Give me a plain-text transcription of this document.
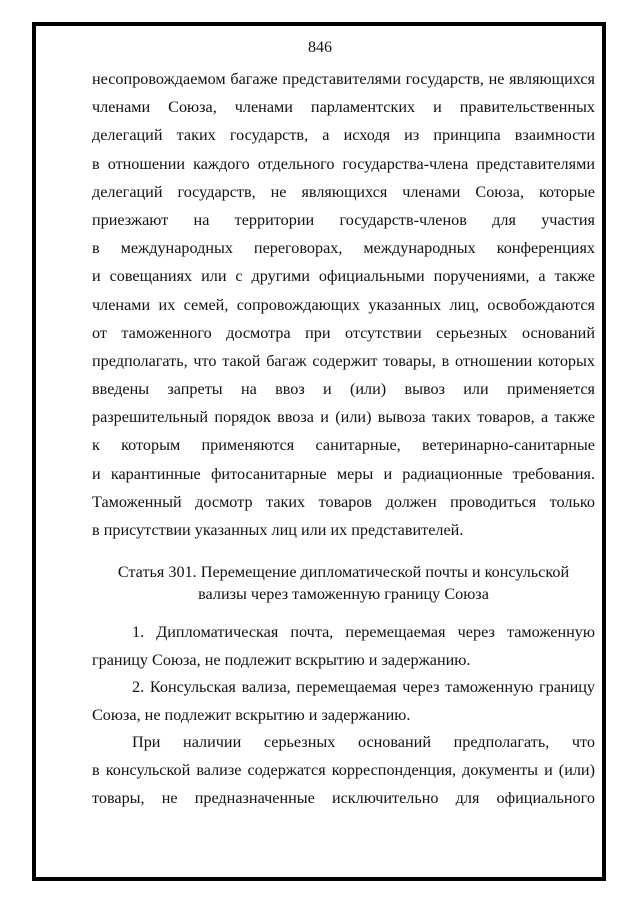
846
несопровождаемом багаже представителями государств, не являющихся
членами Союза, членами парламентских и правительственных
делегаций таких государств, а исходя из принципа взаимности
в отношении каждого отдельного государства-члена представителями
делегаций государств, не являющихся членами Союза, которые
приезжают на территории государств-членов для участия
в международных переговорах, международных конференциях
и совещаниях или с другими официальными поручениями, а также
членами их семей, сопровождающих указанных лиц, освобождаются
от таможенного досмотра при отсутствии серьезных оснований
предполагать, что такой багаж содержит товары, в отношении которых
введены запреты на ввоз и (или) вывоз или применяется
разрешительный порядок ввоза и (или) вывоза таких товаров, а также
к которым применяются санитарные, ветеринарно-санитарные
и карантинные фитосанитарные меры и радиационные требования.
Таможенный досмотр таких товаров должен проводиться только
в присутствии указанных лиц или их представителей.
Статья 301. Перемещение дипломатической почты и консульской
вализы через таможенную границу Союза
1. Дипломатическая почта, перемещаемая через таможенную
границу Союза, не подлежит вскрытию и задержанию.
2. Консульская вализа, перемещаемая через таможенную границу
Союза, не подлежит вскрытию и задержанию.
При наличии серьезных оснований предполагать, что
в консульской вализе содержатся корреспонденция, документы и (или)
товары, не предназначенные исключительно для официального
